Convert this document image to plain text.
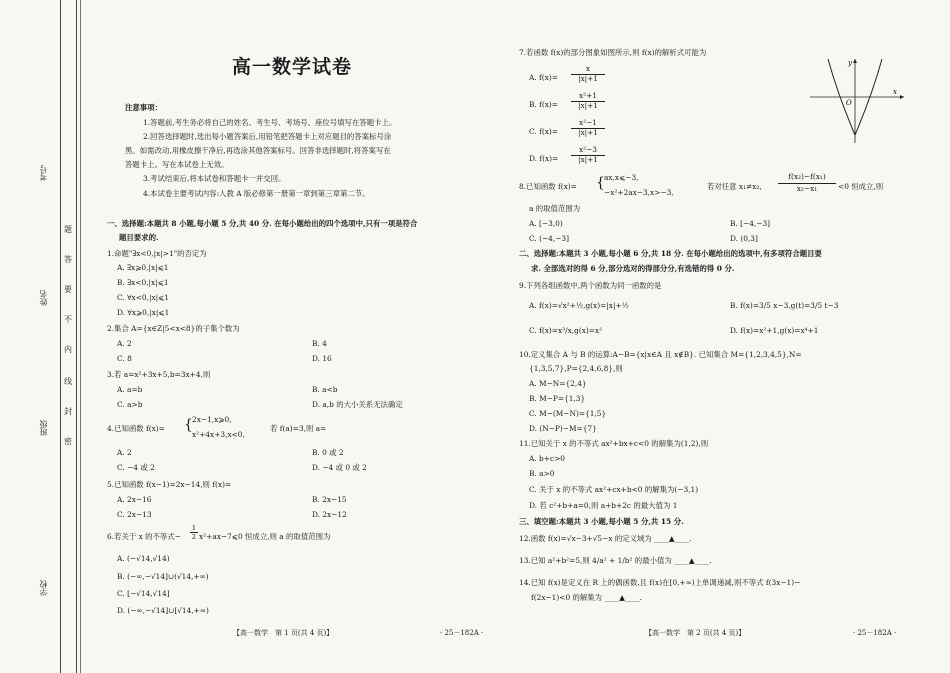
考号
姓名
班级
学校
题
答
要
不
内
线
封
密
高一数学试卷
注意事项：
1.答题前,考生务必将自己的姓名、考生号、考场号、座位号填写在答题卡上。
2.回答选择题时,选出每小题答案后,用铅笔把答题卡上对应题目的答案标号涂
黑。如需改动,用橡皮擦干净后,再选涂其他答案标号。回答非选择题时,将答案写在
答题卡上。写在本试卷上无效。
3.考试结束后,将本试卷和答题卡一并交回。
4.本试卷主要考试内容:人教 A 版必修第一册第一章到第三章第二节。
一、选择题:本题共 8 小题,每小题 5 分,共 40 分. 在每小题给出的四个选项中,只有一项是符合
题目要求的.
1.命题"∃x<0,|x|>1"的否定为
A. ∃x⩾0,|x|⩽1
B. ∃x<0,|x|⩽1
C. ∀x<0,|x|⩽1
D. ∀x⩾0,|x|⩽1
2.集合 A={x∈Z|5<x<8}的子集个数为
A. 2	B. 4
C. 8	D. 16
3.若 a=x²+3x+5,b=3x+4,则
A. a=b	B. a<b
C. a>b	D. a,b 的大小关系无法确定
4.已知函数 f(x)= { 2x−1,x⩾0,
x²+4x+3,x<0,
若 f(a)=3,则 a=
A. 2	B. 0 或 2
C. −4 或 2	D. −4 或 0 或 2
5.已知函数 f(x−1)=2x−14,则 f(x)=
A. 2x−16	B. 2x−15
C. 2x−13	D. 2x−12
6.若关于 x 的不等式−
1
2 x²+ax−7⩽0 恒成立,则 a 的取值范围为
A. (−√14,√14)
B. (−∞,−√14]∪(√14,+∞)
C. [−√14,√14]
D. (−∞,−√14]∪[√14,+∞)
【高一数学　第 1 页(共 4 页)】	· 25－182A ·
7.若函数 f(x)的部分图象如图所示,则 f(x)的解析式可能为
A. f(x)=
x
|x|+1
B. f(x)=
x²+1
|x|+1
C. f(x)=
x²−1
|x|+1
D. f(x)=
x²−3
|x|+1
x
y
O
8.已知函数 f(x)= { ax,x⩽−3,
−x²+2ax−3,x>−3,
若对任意 x₁≠x₂,
f(x₂)−f(x₁)
x₂−x₁	<0 恒成立,则
a 的取值范围为
A. [−3,0)	B. [−4,−3]
C. (−4,−3]	D. (0,3]
二、选择题:本题共 3 小题,每小题 6 分,共 18 分. 在每小题给出的选项中,有多项符合题目要
求. 全部选对的得 6 分,部分选对的得部分分,有选错的得 0 分.
9.下列各组函数中,两个函数为同一函数的是
A. f(x)=√x²+½,g(x)=|x|+½	B. f(x)=3/5 x−3,g(t)=3/5 t−3
C. f(x)=x³/x,g(x)=x²	D. f(x)=x²+1,g(x)=x⁴+1
10.定义集合 A 与 B 的运算:A−B={x|x∈A 且 x∉B}. 已知集合 M={1,2,3,4,5},N=
{1,3,5,7},P={2,4,6,8},则
A. M−N={2,4}
B. M−P={1,3}
C. M−(M−N)={1,5}
D. (N−P)−M={7}
11.已知关于 x 的不等式 ax²+bx+c<0 的解集为(1,2),则
A. b+c>0
B. a>0
C. 关于 x 的不等式 ax²+cx+b<0 的解集为(−3,1)
D. 若 c²+b+a=0,则 a+b+2c 的最大值为 1
三、填空题:本题共 3 小题,每小题 5 分,共 15 分.
12.函数 f(x)=√x−3+√5−x 的定义域为 ____▲____.
13.已知 a²+b²=5,则 4/a² + 1/b² 的最小值为 ____▲____.
14.已知 f(x)是定义在 R 上的偶函数,且 f(x)在[0,+∞)上单调递减,则不等式 f(3x−1)−
f(2x−1)<0 的解集为 ____▲____.
【高一数学　第 2 页(共 4 页)】	· 25－182A ·
